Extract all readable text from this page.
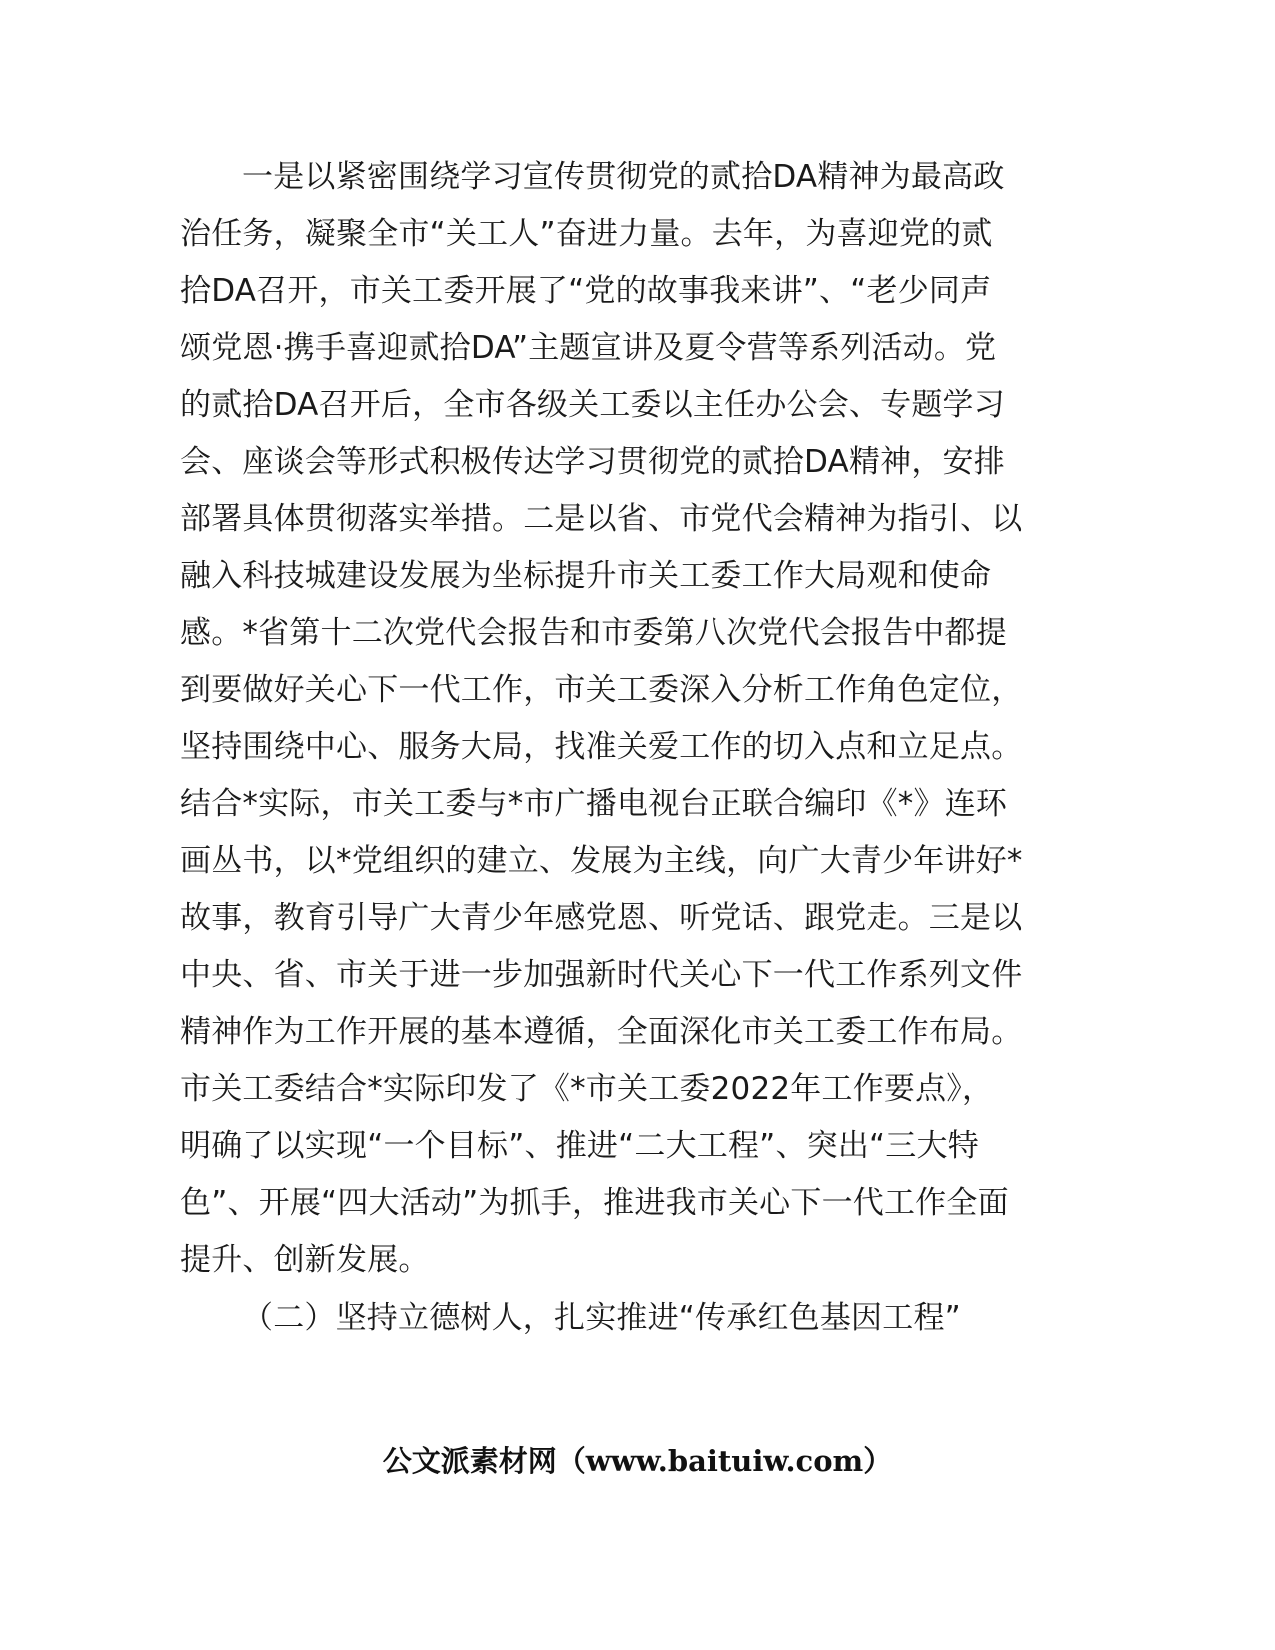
一是以紧密围绕学习宣传贯彻党的贰拾DA精神为最高政
治任务，凝聚全市“关工人”奋进力量。去年，为喜迎党的贰
拾DA召开，市关工委开展了“党的故事我来讲”、“老少同声
颂党恩·携手喜迎贰拾DA”主题宣讲及夏令营等系列活动。党
的贰拾DA召开后，全市各级关工委以主任办公会、专题学习
会、座谈会等形式积极传达学习贯彻党的贰拾DA精神，安排
部署具体贯彻落实举措。二是以省、市党代会精神为指引、以
融入科技城建设发展为坐标提升市关工委工作大局观和使命
感。*省第十二次党代会报告和市委第八次党代会报告中都提
到要做好关心下一代工作，市关工委深入分析工作角色定位，
坚持围绕中心、服务大局，找准关爱工作的切入点和立足点。
结合*实际，市关工委与*市广播电视台正联合编印《*》连环
画丛书，以*党组织的建立、发展为主线，向广大青少年讲好*
故事，教育引导广大青少年感党恩、听党话、跟党走。三是以
中央、省、市关于进一步加强新时代关心下一代工作系列文件
精神作为工作开展的基本遵循，全面深化市关工委工作布局。
市关工委结合*实际印发了《*市关工委2022年工作要点》，
明确了以实现“一个目标”、推进“二大工程”、突出“三大特
色”、开展“四大活动”为抓手，推进我市关心下一代工作全面
提升、创新发展。
（二）坚持立德树人，扎实推进“传承红色基因工程”
公文派素材网（www.baituiw.com）
